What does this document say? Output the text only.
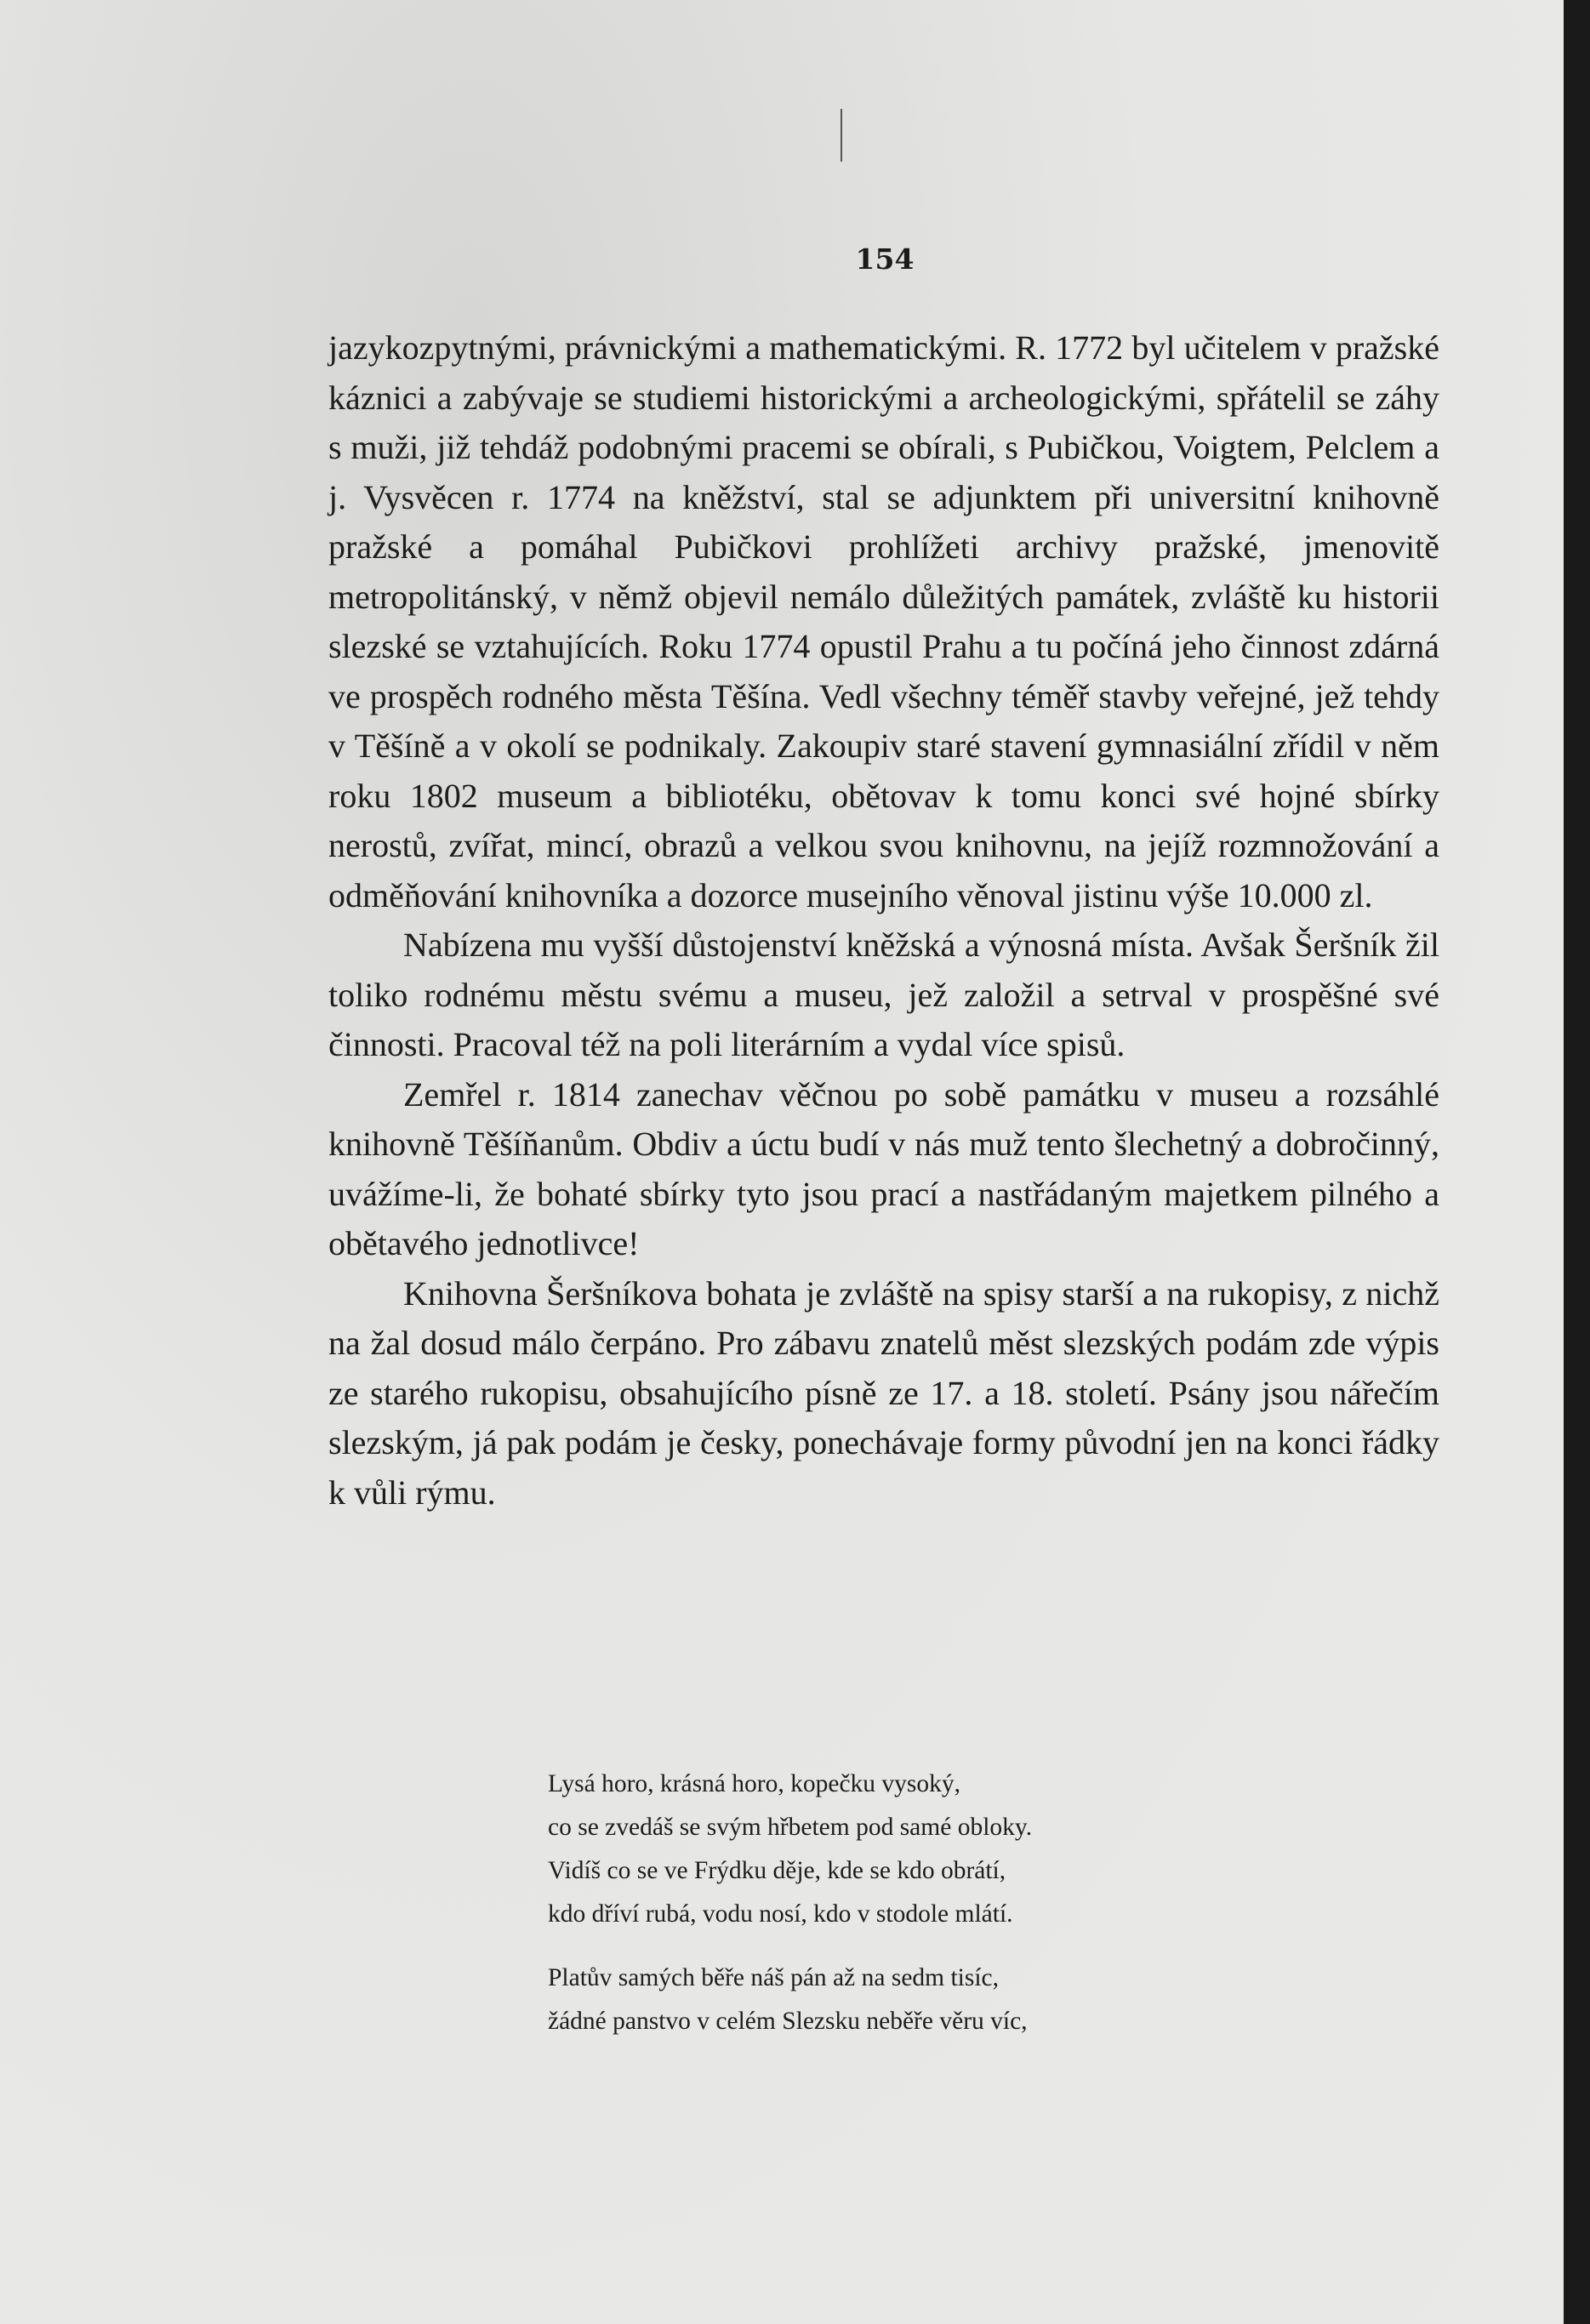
154

jazykozpytnými, právnickými a mathematickými. R. 1772 byl učitelem v pražské káznici a zabývaje se studiemi historickými a archeologickými, spřátelil se záhy s muži, již tehdáž podobnými pracemi se obírali, s Pubičkou, Voigtem, Pelclem a j. Vysvěcen r. 1774 na kněžství, stal se adjunktem při universitní knihovně pražské a pomáhal Pubičkovi prohlížeti archivy pražské, jmenovitě metropolitánský, v němž objevil nemálo důležitých památek, zvláště ku historii slezské se vztahujících. Roku 1774 opustil Prahu a tu počíná jeho činnost zdárná ve prospěch rodného města Těšína. Vedl všechny téměř stavby veřejné, jež tehdy v Těšíně a v okolí se podnikaly. Zakoupiv staré stavení gymnasiální zřídil v něm roku 1802 museum a bibliotéku, obětovav k tomu konci své hojné sbírky nerostů, zvířat, mincí, obrazů a velkou svou knihovnu, na jejíž rozmnožování a odměňování knihovníka a dozorce musejního věnoval jistinu výše 10.000 zl.

Nabízena mu vyšší důstojenství kněžská a výnosná místa. Avšak Šeršník žil toliko rodnému městu svému a museu, jež založil a setrval v prospěšné své činnosti. Pracoval též na poli literárním a vydal více spisů.

Zemřel r. 1814 zanechav věčnou po sobě památku v museu a rozsáhlé knihovně Těšíňanům. Obdiv a úctu budí v nás muž tento šlechetný a dobročinný, uvážíme-li, že bohaté sbírky tyto jsou prací a nastřádaným majetkem pilného a obětavého jednotlivce!

Knihovna Šeršníkova bohata je zvláště na spisy starší a na rukopisy, z nichž na žal dosud málo čerpáno. Pro zábavu znatelů měst slezských podám zde výpis ze starého rukopisu, obsahujícího písně ze 17. a 18. století. Psány jsou nářečím slezským, já pak podám je česky, ponechávaje formy původní jen na konci řádky k vůli rýmu.

Lysá horo, krásná horo, kopečku vysoký,
co se zvedáš se svým hřbetem pod samé obloky.
Vidíš co se ve Frýdku děje, kde se kdo obrátí,
kdo dříví rubá, vodu nosí, kdo v stodole mlátí.
Platův samých běře náš pán až na sedm tisíc,
žádné panstvo v celém Slezsku neběře věru víc,
